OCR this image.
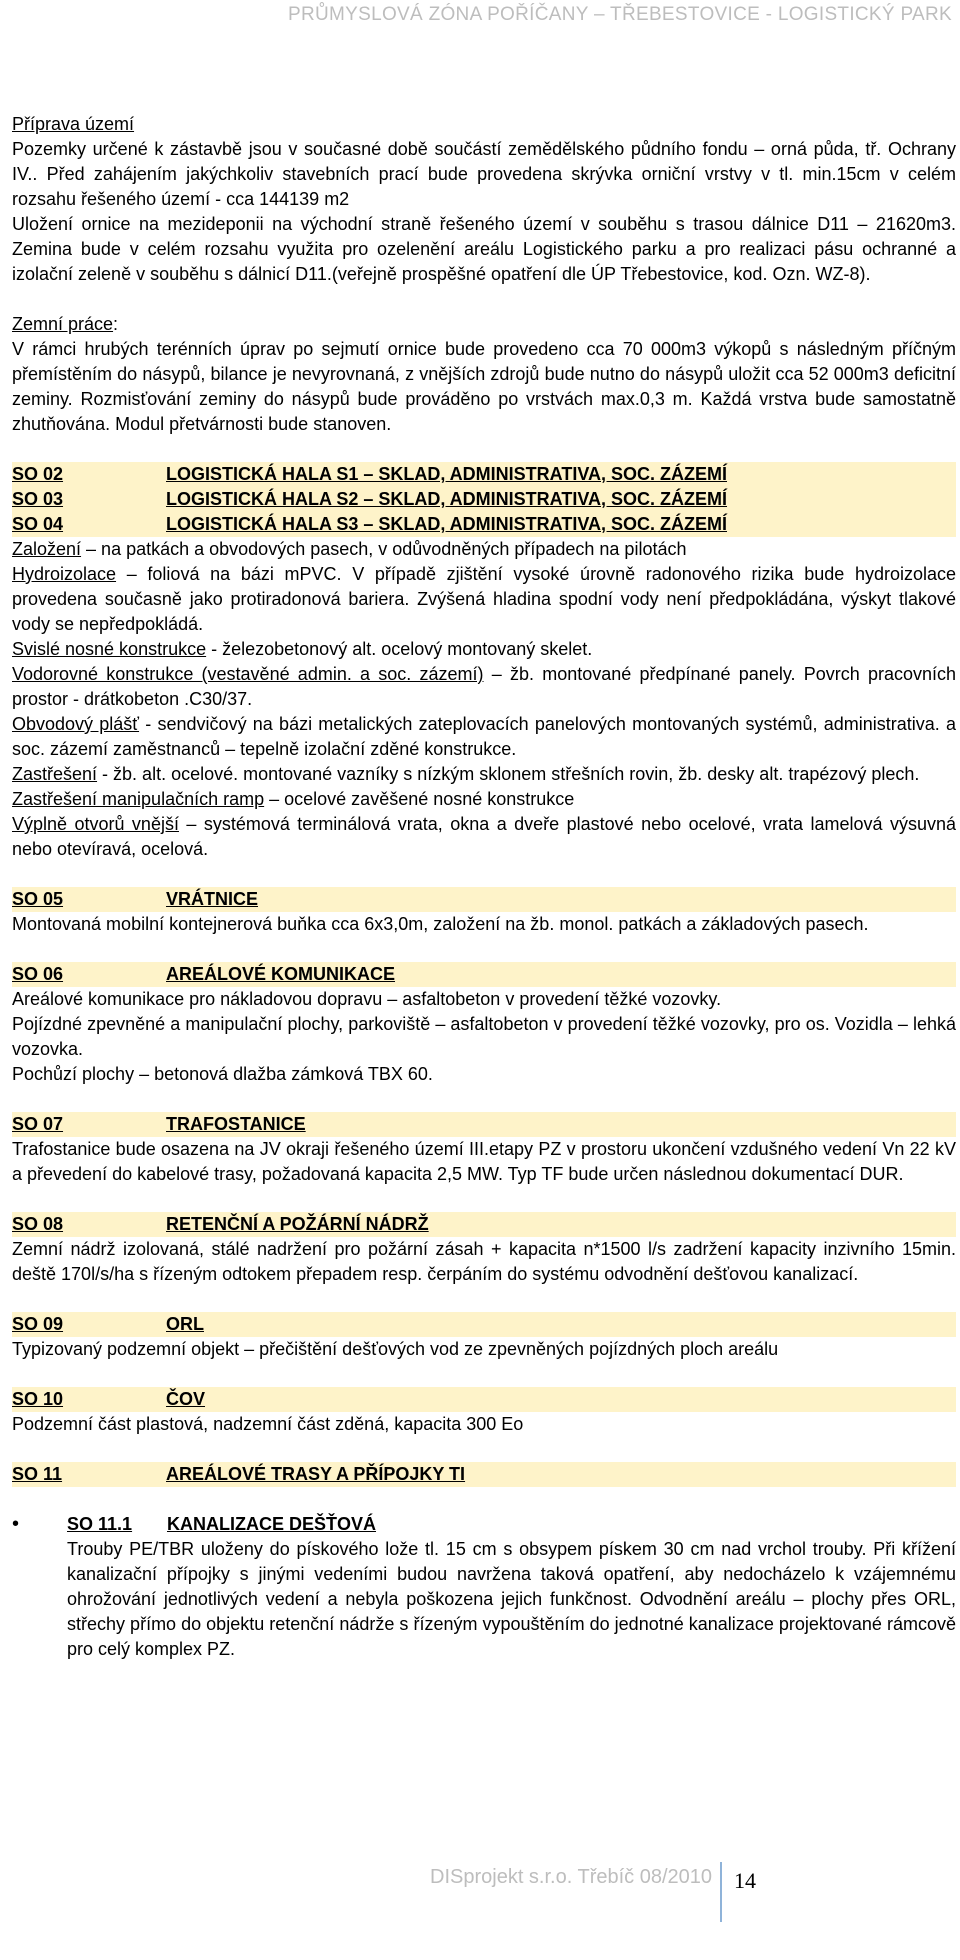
PRŮMYSLOVÁ ZÓNA POŘÍČANY – TŘEBESTOVICE - LOGISTICKÝ PARK

Příprava území

Pozemky určené k zástavbě jsou v současné době součástí zemědělského půdního fondu – orná půda, tř. Ochrany IV.. Před zahájením jakýchkoliv stavebních prací bude provedena skrývka orniční vrstvy v tl. min.15cm v celém rozsahu řešeného území - cca 144139 m2

Uložení ornice na mezideponii na východní straně řešeného území v souběhu s trasou dálnice D11 – 21620m3. Zemina bude v celém rozsahu využita pro ozelenění areálu Logistického parku a pro realizaci pásu ochranné a izolační zeleně v souběhu s dálnicí D11.(veřejně prospěšné opatření dle ÚP Třebestovice, kod. Ozn. WZ-8).

Zemní práce:

V rámci hrubých terénních úprav po sejmutí ornice bude provedeno cca 70 000m3 výkopů s následným příčným přemístěním do násypů, bilance je nevyrovnaná, z vnějších zdrojů bude nutno do násypů uložit cca 52 000m3 deficitní zeminy. Rozmisťování zeminy do násypů bude prováděno po vrstvách max.0,3 m. Každá vrstva bude samostatně zhutňována. Modul přetvárnosti bude stanoven.

SO 02	LOGISTICKÁ HALA S1 – SKLAD, ADMINISTRATIVA, SOC. ZÁZEMÍ
SO 03	LOGISTICKÁ HALA S2 – SKLAD, ADMINISTRATIVA, SOC. ZÁZEMÍ
SO 04	LOGISTICKÁ HALA S3 – SKLAD, ADMINISTRATIVA, SOC. ZÁZEMÍ

Založení – na patkách a obvodových pasech, v odůvodněných případech na pilotách

Hydroizolace – foliová na bázi mPVC. V případě zjištění vysoké úrovně radonového rizika bude hydroizolace provedena současně jako protiradonová bariera. Zvýšená hladina spodní vody není předpokládána, výskyt tlakové vody se nepředpokládá.

Svislé nosné konstrukce - železobetonový alt. ocelový montovaný skelet.

Vodorovné konstrukce (vestavěné admin. a soc. zázemí) – žb. montované předpínané panely. Povrch pracovních prostor - drátkobeton .C30/37.

Obvodový plášť - sendvičový na bázi metalických zateplovacích panelových montovaných systémů, administrativa. a soc. zázemí zaměstnanců – tepelně izolační zděné konstrukce.

Zastřešení - žb. alt. ocelové. montované vazníky s nízkým sklonem střešních rovin, žb. desky alt. trapézový plech.

Zastřešení manipulačních ramp – ocelové zavěšené nosné konstrukce

Výplně otvorů vnější – systémová terminálová vrata, okna a dveře plastové nebo ocelové, vrata lamelová výsuvná nebo otevíravá, ocelová.

SO 05	VRÁTNICE

Montovaná mobilní kontejnerová buňka cca 6x3,0m, založení na žb. monol. patkách a základových pasech.

SO 06	AREÁLOVÉ KOMUNIKACE

Areálové komunikace pro nákladovou dopravu – asfaltobeton v provedení těžké vozovky.

Pojízdné zpevněné a manipulační plochy, parkoviště – asfaltobeton v provedení těžké vozovky, pro os. Vozidla – lehká vozovka.

Pochůzí plochy – betonová dlažba zámková TBX 60.

SO 07	TRAFOSTANICE

Trafostanice bude osazena na JV okraji řešeného území III.etapy PZ v prostoru ukončení vzdušného vedení Vn 22 kV a převedení do kabelové trasy, požadovaná kapacita 2,5 MW. Typ TF bude určen následnou dokumentací DUR.

SO 08	RETENČNÍ A POŽÁRNÍ NÁDRŽ

Zemní nádrž izolovaná, stálé nadržení pro požární zásah + kapacita n*1500 l/s zadržení kapacity inzivního 15min. deště 170l/s/ha s řízeným odtokem přepadem resp. čerpáním do systému odvodnění dešťovou kanalizací.

SO 09	ORL

Typizovaný podzemní objekt – přečištění dešťových vod ze zpevněných pojízdných ploch areálu

SO 10	ČOV

Podzemní část plastová, nadzemní část zděná, kapacita 300 Eo

SO 11	AREÁLOVÉ TRASY A PŘÍPOJKY TI
•	SO 11.1	KANALIZACE DEŠŤOVÁ

Trouby PE/TBR uloženy do pískového lože tl. 15 cm s obsypem pískem 30 cm nad vrchol trouby. Při křížení kanalizační přípojky s jinými vedeními budou navržena taková opatření, aby nedocházelo k vzájemnému ohrožování jednotlivých vedení a nebyla poškozena jejich funkčnost. Odvodnění areálu – plochy přes ORL, střechy přímo do objektu retenční nádrže s řízeným vypouštěním do jednotné kanalizace projektované rámcově pro celý komplex PZ.

DISprojekt s.r.o. Třebíč 08/2010	14
